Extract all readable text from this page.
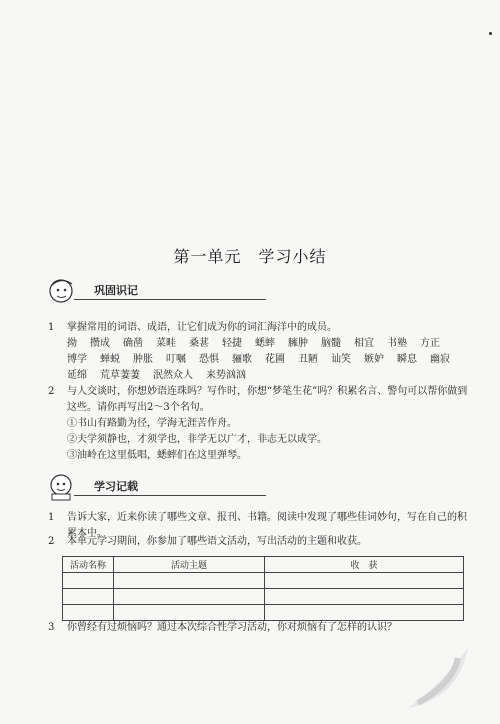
第一单元　学习小结
巩固识记
1	掌握常用的词语、成语，让它们成为你的词汇海洋中的成员。
拗 攒成 确凿 菜畦 桑葚 轻捷 蟋蟀 臃肿 脑髓 相宜 书塾 方正
博学 蝉蜕 肿胀 叮嘱 恐惧 骊歌 花圃 丑陋 讪笑 嫉妒 瞬息 幽寂
延绵 荒草萋萋 泯然众人 来势汹汹
2	与人交谈时，你想妙语连珠吗？写作时，你想“梦笔生花”吗？积累名言、警句可以帮你做到这些。请你再写出2～3个名句。
①书山有路勤为径，学海无涯苦作舟。
②夫学须静也，才须学也，非学无以广才，非志无以成学。
③油岭在这里低唱，蟋蟀们在这里弹琴。
学习记载
1	告诉大家，近来你读了哪些文章、报刊、书籍。阅读中发现了哪些佳词妙句，写在自己的积累本中。
2	本单元学习期间，你参加了哪些语文活动，写出活动的主题和收获。
活动名称	活动主题	收　获

3	你曾经有过烦恼吗？通过本次综合性学习活动，你对烦恼有了怎样的认识？
